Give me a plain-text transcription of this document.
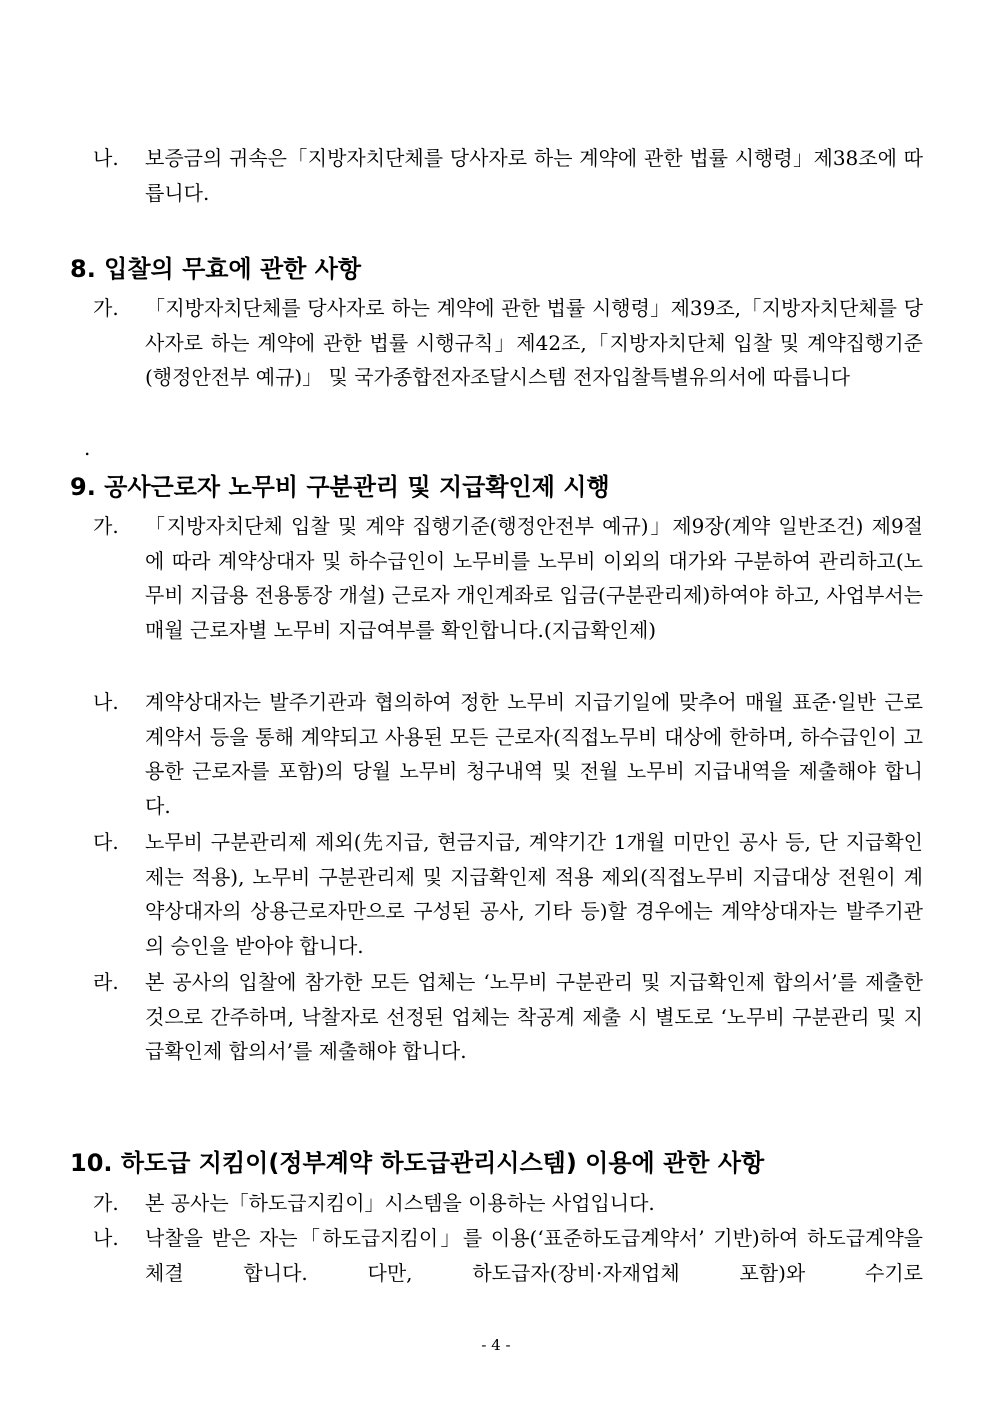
나.	보증금의 귀속은「지방자치단체를 당사자로 하는 계약에 관한 법률 시행령」제38조에 따릅니다.
8. 입찰의 무효에 관한 사항
가.	「지방자치단체를 당사자로 하는 계약에 관한 법률 시행령」제39조,「지방자치단체를 당사자로 하는 계약에 관한 법률 시행규칙」제42조,「지방자치단체 입찰 및 계약집행기준(행정안전부 예규)」 및 국가종합전자조달시스템 전자입찰특별유의서에 따릅니다
.
9. 공사근로자 노무비 구분관리 및 지급확인제 시행
가.	「지방자치단체 입찰 및 계약 집행기준(행정안전부 예규)」제9장(계약 일반조건) 제9절에 따라 계약상대자 및 하수급인이 노무비를 노무비 이외의 대가와 구분하여 관리하고(노무비 지급용 전용통장 개설) 근로자 개인계좌로 입금(구분관리제)하여야 하고, 사업부서는 매월 근로자별 노무비 지급여부를 확인합니다.(지급확인제)
나.	계약상대자는 발주기관과 협의하여 정한 노무비 지급기일에 맞추어 매월 표준·일반 근로계약서 등을 통해 계약되고 사용된 모든 근로자(직접노무비 대상에 한하며, 하수급인이 고용한 근로자를 포함)의 당월 노무비 청구내역 및 전월 노무비 지급내역을 제출해야 합니다.
다.	노무비 구분관리제 제외(先지급, 현금지급, 계약기간 1개월 미만인 공사 등, 단 지급확인제는 적용), 노무비 구분관리제 및 지급확인제 적용 제외(직접노무비 지급대상 전원이 계약상대자의 상용근로자만으로 구성된 공사, 기타 등)할 경우에는 계약상대자는 발주기관의 승인을 받아야 합니다.
라.	본 공사의 입찰에 참가한 모든 업체는 ‘노무비 구분관리 및 지급확인제 합의서’를 제출한 것으로 간주하며, 낙찰자로 선정된 업체는 착공계 제출 시 별도로 ‘노무비 구분관리 및 지급확인제 합의서’를 제출해야 합니다.
10. 하도급 지킴이(정부계약 하도급관리시스템) 이용에 관한 사항
가.	본 공사는「하도급지킴이」시스템을 이용하는 사업입니다.
나.	낙찰을 받은 자는「하도급지킴이」를 이용(‘표준하도급계약서’ 기반)하여 하도급계약을 체결 합니다. 다만, 하도급자(장비·자재업체 포함)와 수기로
- 4 -
